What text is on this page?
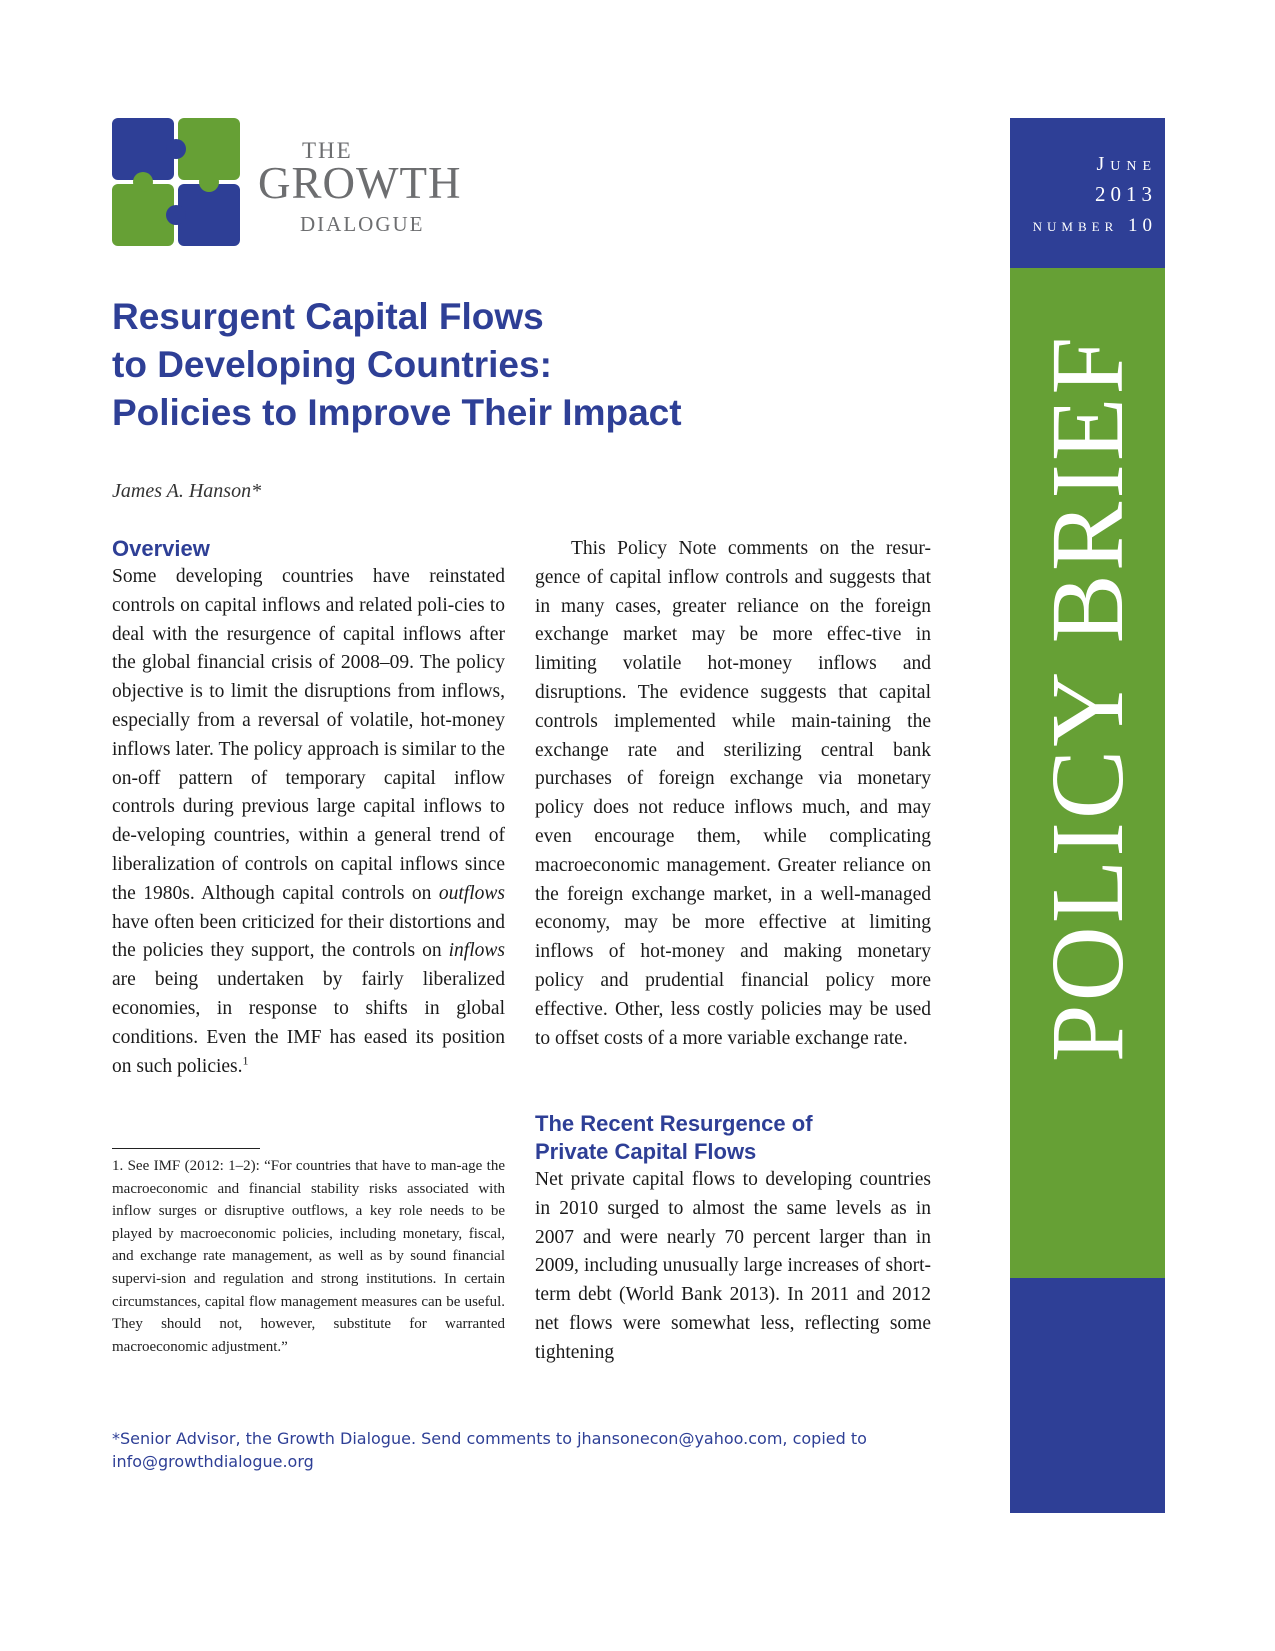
THE
GROWTH
DIALOGUE
June
2013
number 10
POLICY BRIEF
Resurgent Capital Flows
to Developing Countries:
Policies to Improve Their Impact
James A. Hanson*
Overview

Some developing countries have reinstated controls on capital inflows and related poli-cies to deal with the resurgence of capital inflows after the global financial crisis of 2008–09. The policy objective is to limit the disruptions from inflows, especially from a reversal of volatile, hot-money inflows later. The policy approach is similar to the on-off pattern of temporary capital inflow controls during previous large capital inflows to de-veloping countries, within a general trend of liberalization of controls on capital inflows since the 1980s. Although capital controls on outflows have often been criticized for their distortions and the policies they support, the controls on inflows are being undertaken by fairly liberalized economies, in response to shifts in global conditions. Even the IMF has eased its position on such policies.$^1$

1. See IMF (2012: 1–2): “For countries that have to man-age the macroeconomic and financial stability risks associated with inflow surges or disruptive outflows, a key role needs to be played by macroeconomic policies, including monetary, fiscal, and exchange rate management, as well as by sound financial supervi-sion and regulation and strong institutions. In certain circumstances, capital flow management measures can be useful. They should not, however, substitute for warranted macroeconomic adjustment.”

This Policy Note comments on the resur-gence of capital inflow controls and suggests that in many cases, greater reliance on the foreign exchange market may be more effec-tive in limiting volatile hot-money inflows and disruptions. The evidence suggests that capital controls implemented while main-taining the exchange rate and sterilizing central bank purchases of foreign exchange via monetary policy does not reduce inflows much, and may even encourage them, while complicating macroeconomic management. Greater reliance on the foreign exchange market, in a well-managed economy, may be more effective at limiting inflows of hot-money and making monetary policy and prudential financial policy more effective. Other, less costly policies may be used to offset costs of a more variable exchange rate.

The Recent Resurgence of
Private Capital Flows

Net private capital flows to developing countries in 2010 surged to almost the same levels as in 2007 and were nearly 70 percent larger than in 2009, including unusually large increases of short-term debt (World Bank 2013). In 2011 and 2012 net flows were somewhat less, reflecting some tightening

*Senior Advisor, the Growth Dialogue. Send comments to jhansonecon@yahoo.com, copied to
info@growthdialogue.org
